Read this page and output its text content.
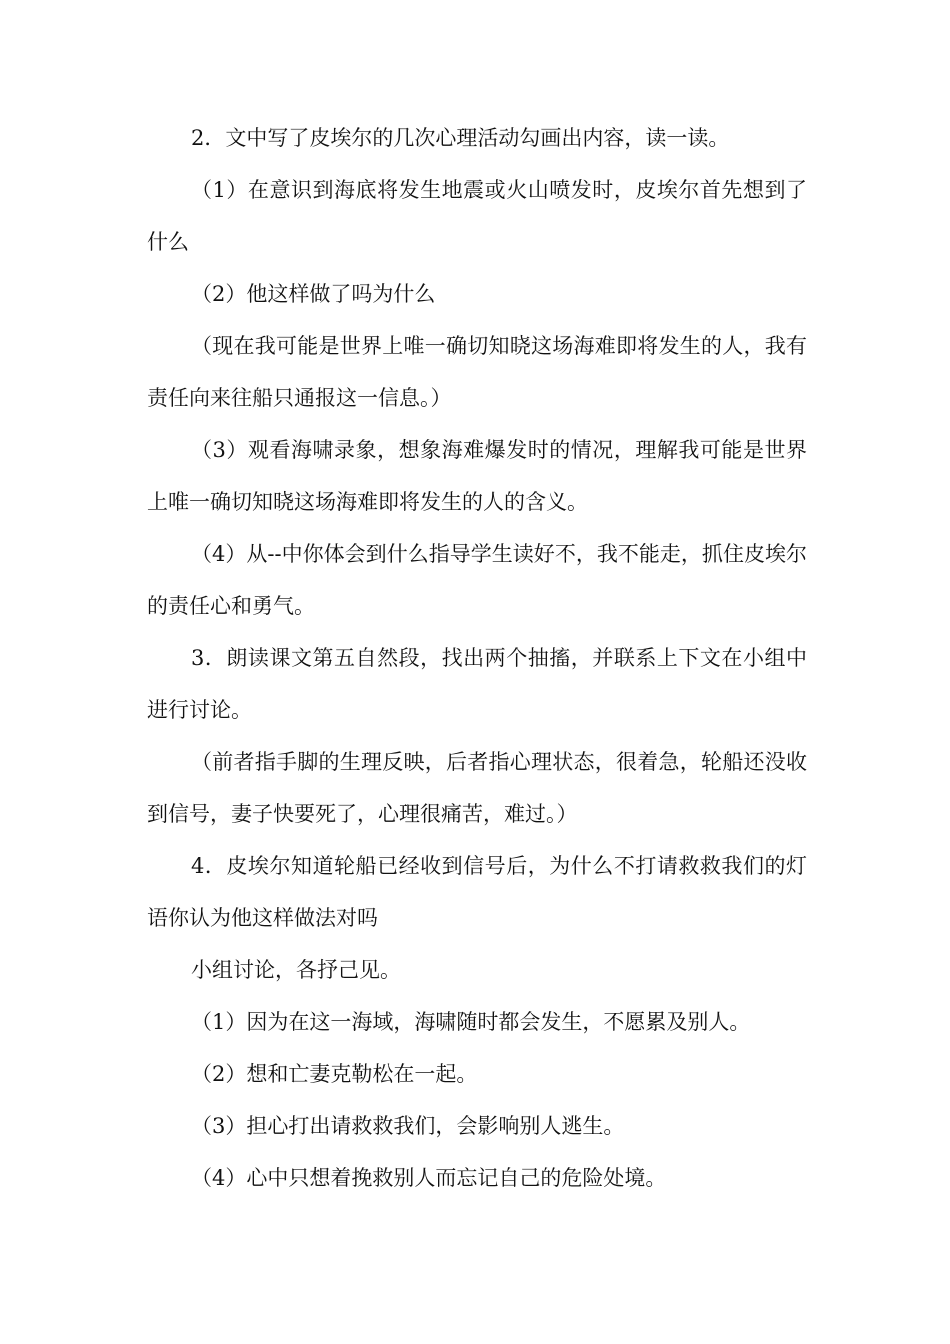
2．文中写了皮埃尔的几次心理活动勾画出内容，读一读。

（1）在意识到海底将发生地震或火山喷发时，皮埃尔首先想到了什么

（2）他这样做了吗为什么

（现在我可能是世界上唯一确切知晓这场海难即将发生的人，我有责任向来往船只通报这一信息。）

（3）观看海啸录象，想象海难爆发时的情况，理解我可能是世界上唯一确切知晓这场海难即将发生的人的含义。

（4）从--中你体会到什么指导学生读好不，我不能走，抓住皮埃尔的责任心和勇气。

3．朗读课文第五自然段，找出两个抽搐，并联系上下文在小组中进行讨论。

（前者指手脚的生理反映，后者指心理状态，很着急，轮船还没收到信号，妻子快要死了，心理很痛苦，难过。）

4．皮埃尔知道轮船已经收到信号后，为什么不打请救救我们的灯语你认为他这样做法对吗

小组讨论，各抒己见。

（1）因为在这一海域，海啸随时都会发生，不愿累及别人。

（2）想和亡妻克勒松在一起。

（3）担心打出请救救我们，会影响别人逃生。

（4）心中只想着挽救别人而忘记自己的危险处境。
